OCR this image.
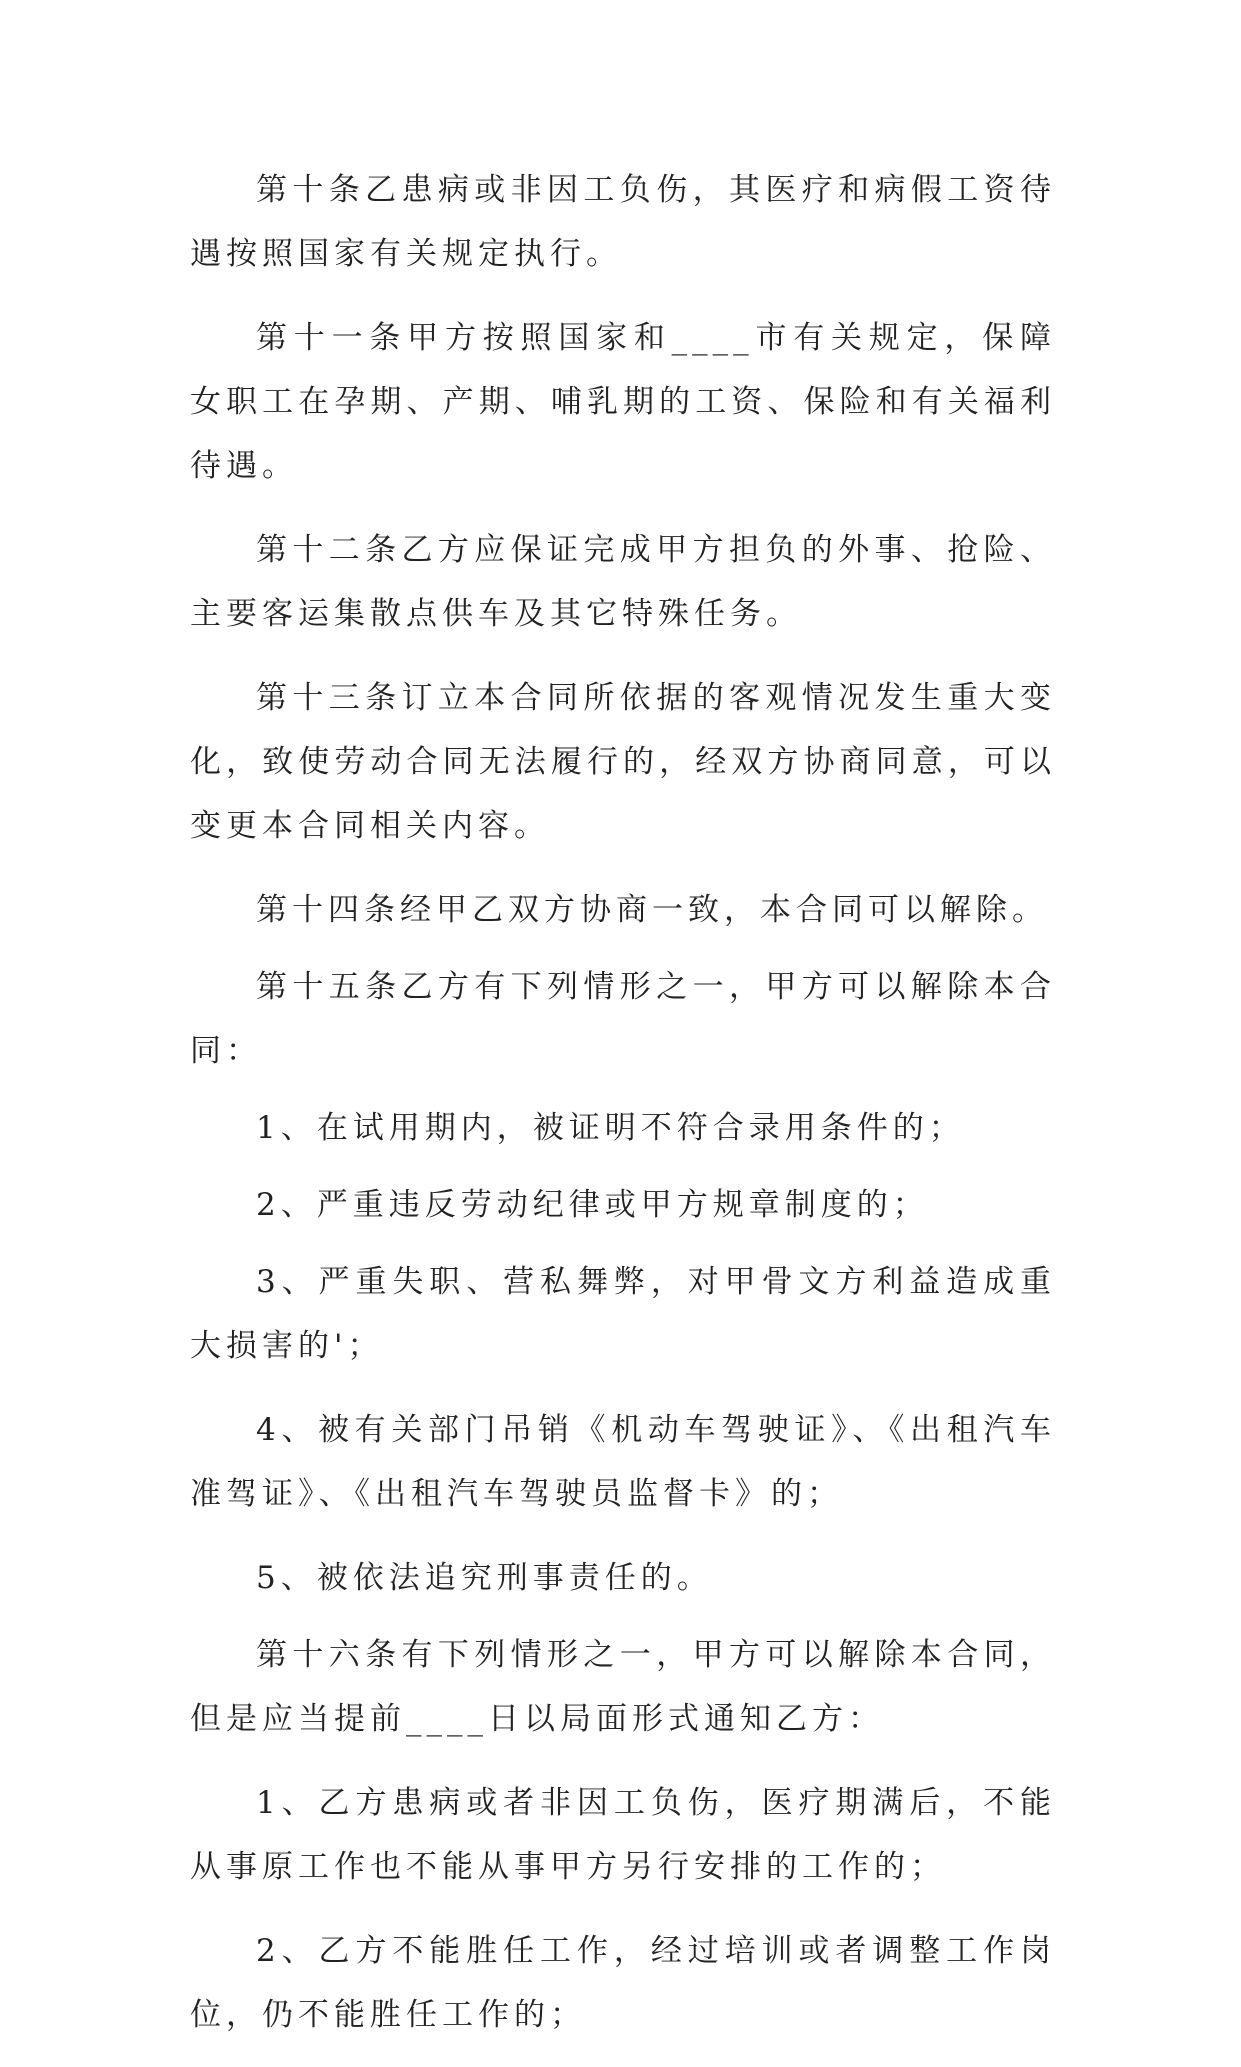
第十条乙患病或非因工负伤，其医疗和病假工资待遇按照国家有关规定执行。

第十一条甲方按照国家和____市有关规定，保障女职工在孕期、产期、哺乳期的工资、保险和有关福利待遇。

第十二条乙方应保证完成甲方担负的外事、抢险、主要客运集散点供车及其它特殊任务。

第十三条订立本合同所依据的客观情况发生重大变化，致使劳动合同无法履行的，经双方协商同意，可以变更本合同相关内容。

第十四条经甲乙双方协商一致，本合同可以解除。

第十五条乙方有下列情形之一，甲方可以解除本合同：

1、在试用期内，被证明不符合录用条件的；

2、严重违反劳动纪律或甲方规章制度的；

3、严重失职、营私舞弊，对甲骨文方利益造成重大损害的'；

4、被有关部门吊销《机动车驾驶证》、《出租汽车准驾证》、《出租汽车驾驶员监督卡》的；

5、被依法追究刑事责任的。

第十六条有下列情形之一，甲方可以解除本合同，但是应当提前____日以局面形式通知乙方：

1、乙方患病或者非因工负伤，医疗期满后，不能从事原工作也不能从事甲方另行安排的工作的；

2、乙方不能胜任工作，经过培训或者调整工作岗位，仍不能胜任工作的；
